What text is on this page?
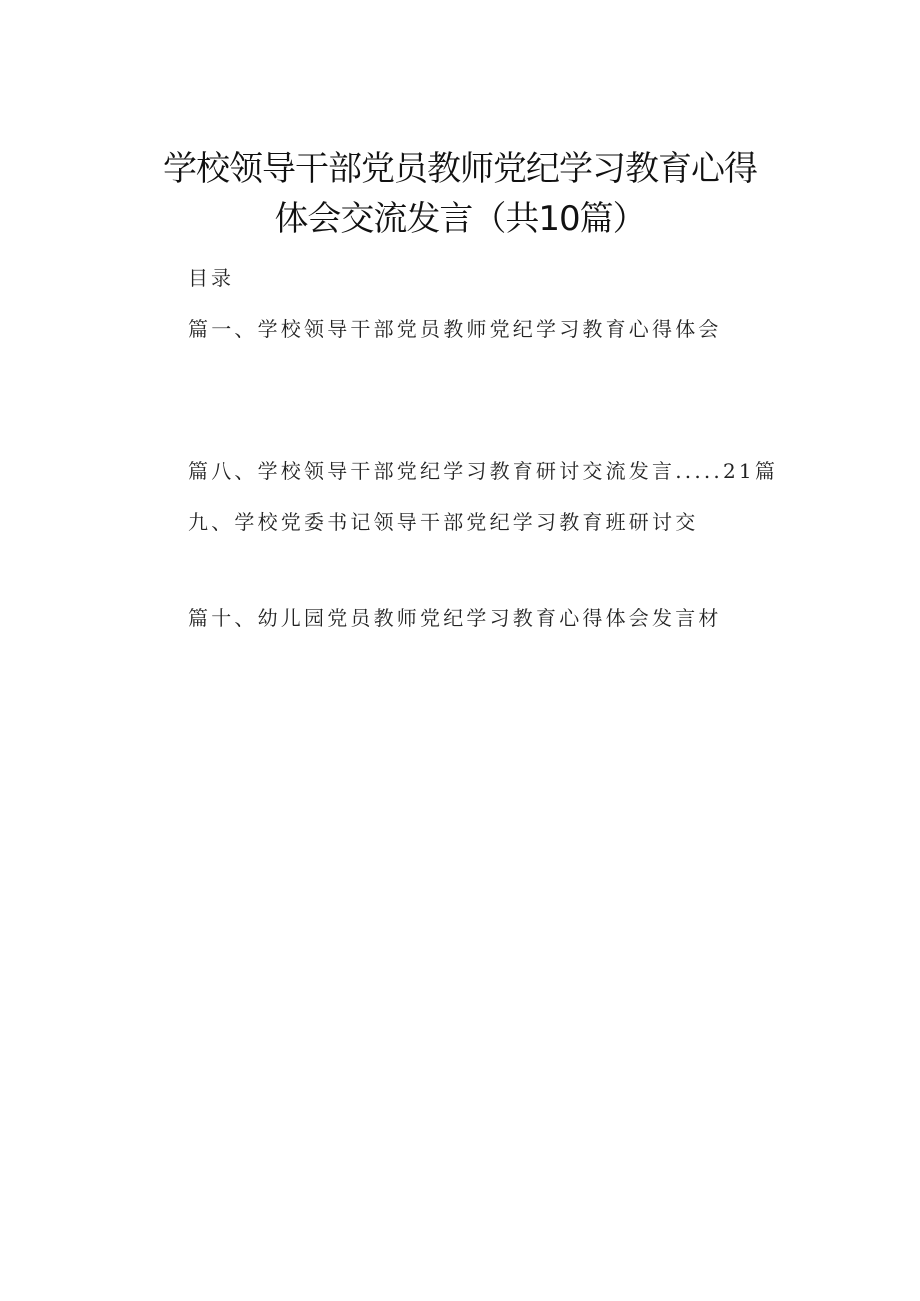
学校领导干部党员教师党纪学习教育心得
体会交流发言（共10篇）
目录
篇一、学校领导干部党员教师党纪学习教育心得体会
篇八、学校领导干部党纪学习教育研讨交流发言.....21篇
九、学校党委书记领导干部党纪学习教育班研讨交
篇十、幼儿园党员教师党纪学习教育心得体会发言材
